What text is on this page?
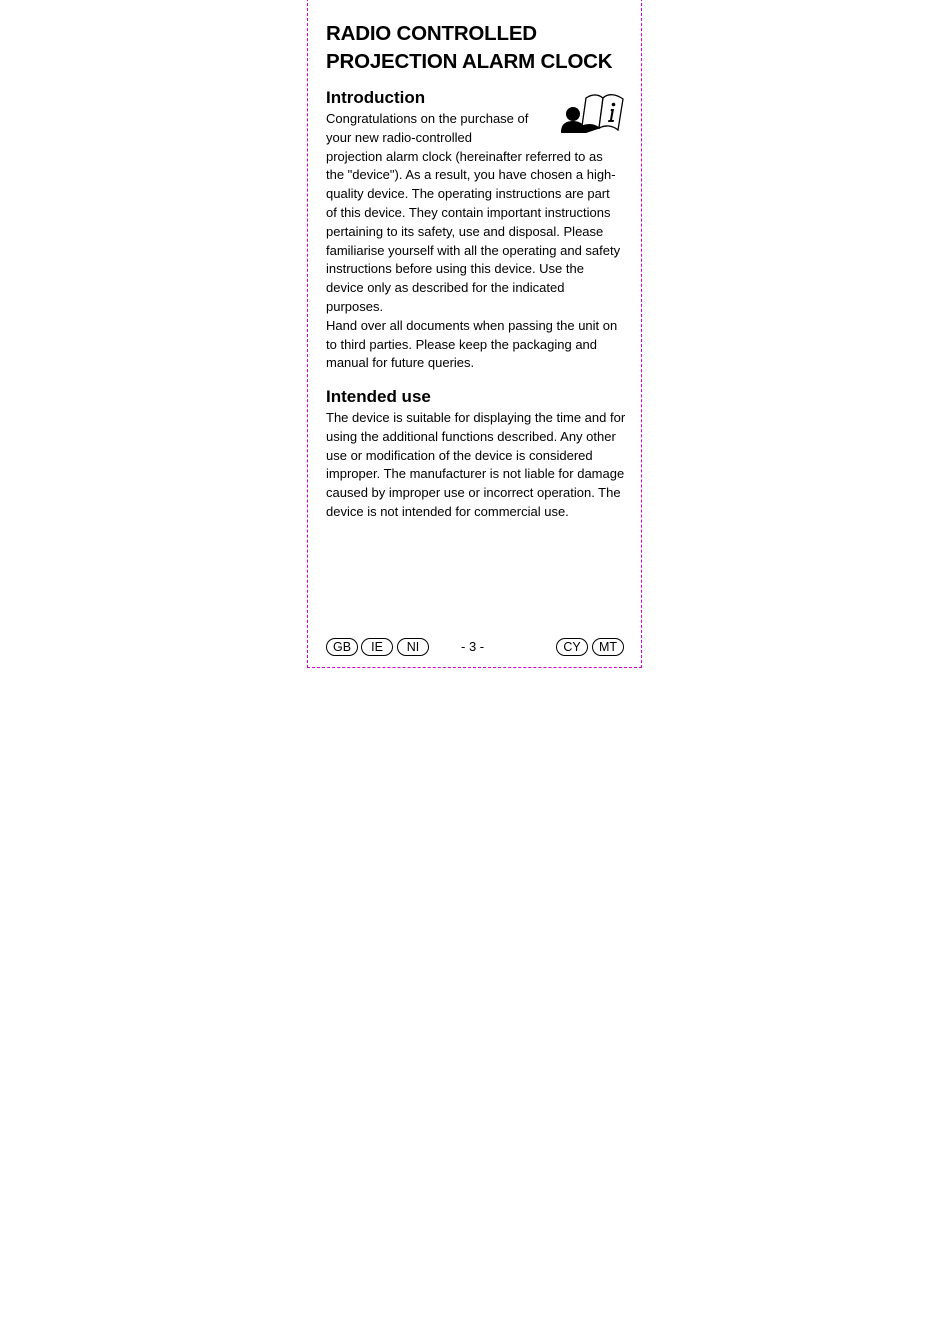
RADIO CONTROLLED
PROJECTION ALARM CLOCK
Introduction

Congratulations on the purchase of your new radio-controlled
projection alarm clock (hereinafter referred to as the "device"). As a result, you have chosen a high-quality device. The operating instructions are part of this device. They contain important instructions pertaining to its safety, use and disposal. Please familiarise yourself with all the operating and safety instructions before using this device. Use the device only as described for the indicated purposes.

Hand over all documents when passing the unit on to third parties. Please keep the packaging and manual for future queries.

Intended use

The device is suitable for displaying the time and for using the additional functions described. Any other use or modification of the device is considered improper. The manufacturer is not liable for damage caused by improper use or incorrect operation. The device is not intended for commercial use.

GB	IE	NI	- 3 -	CY	MT
